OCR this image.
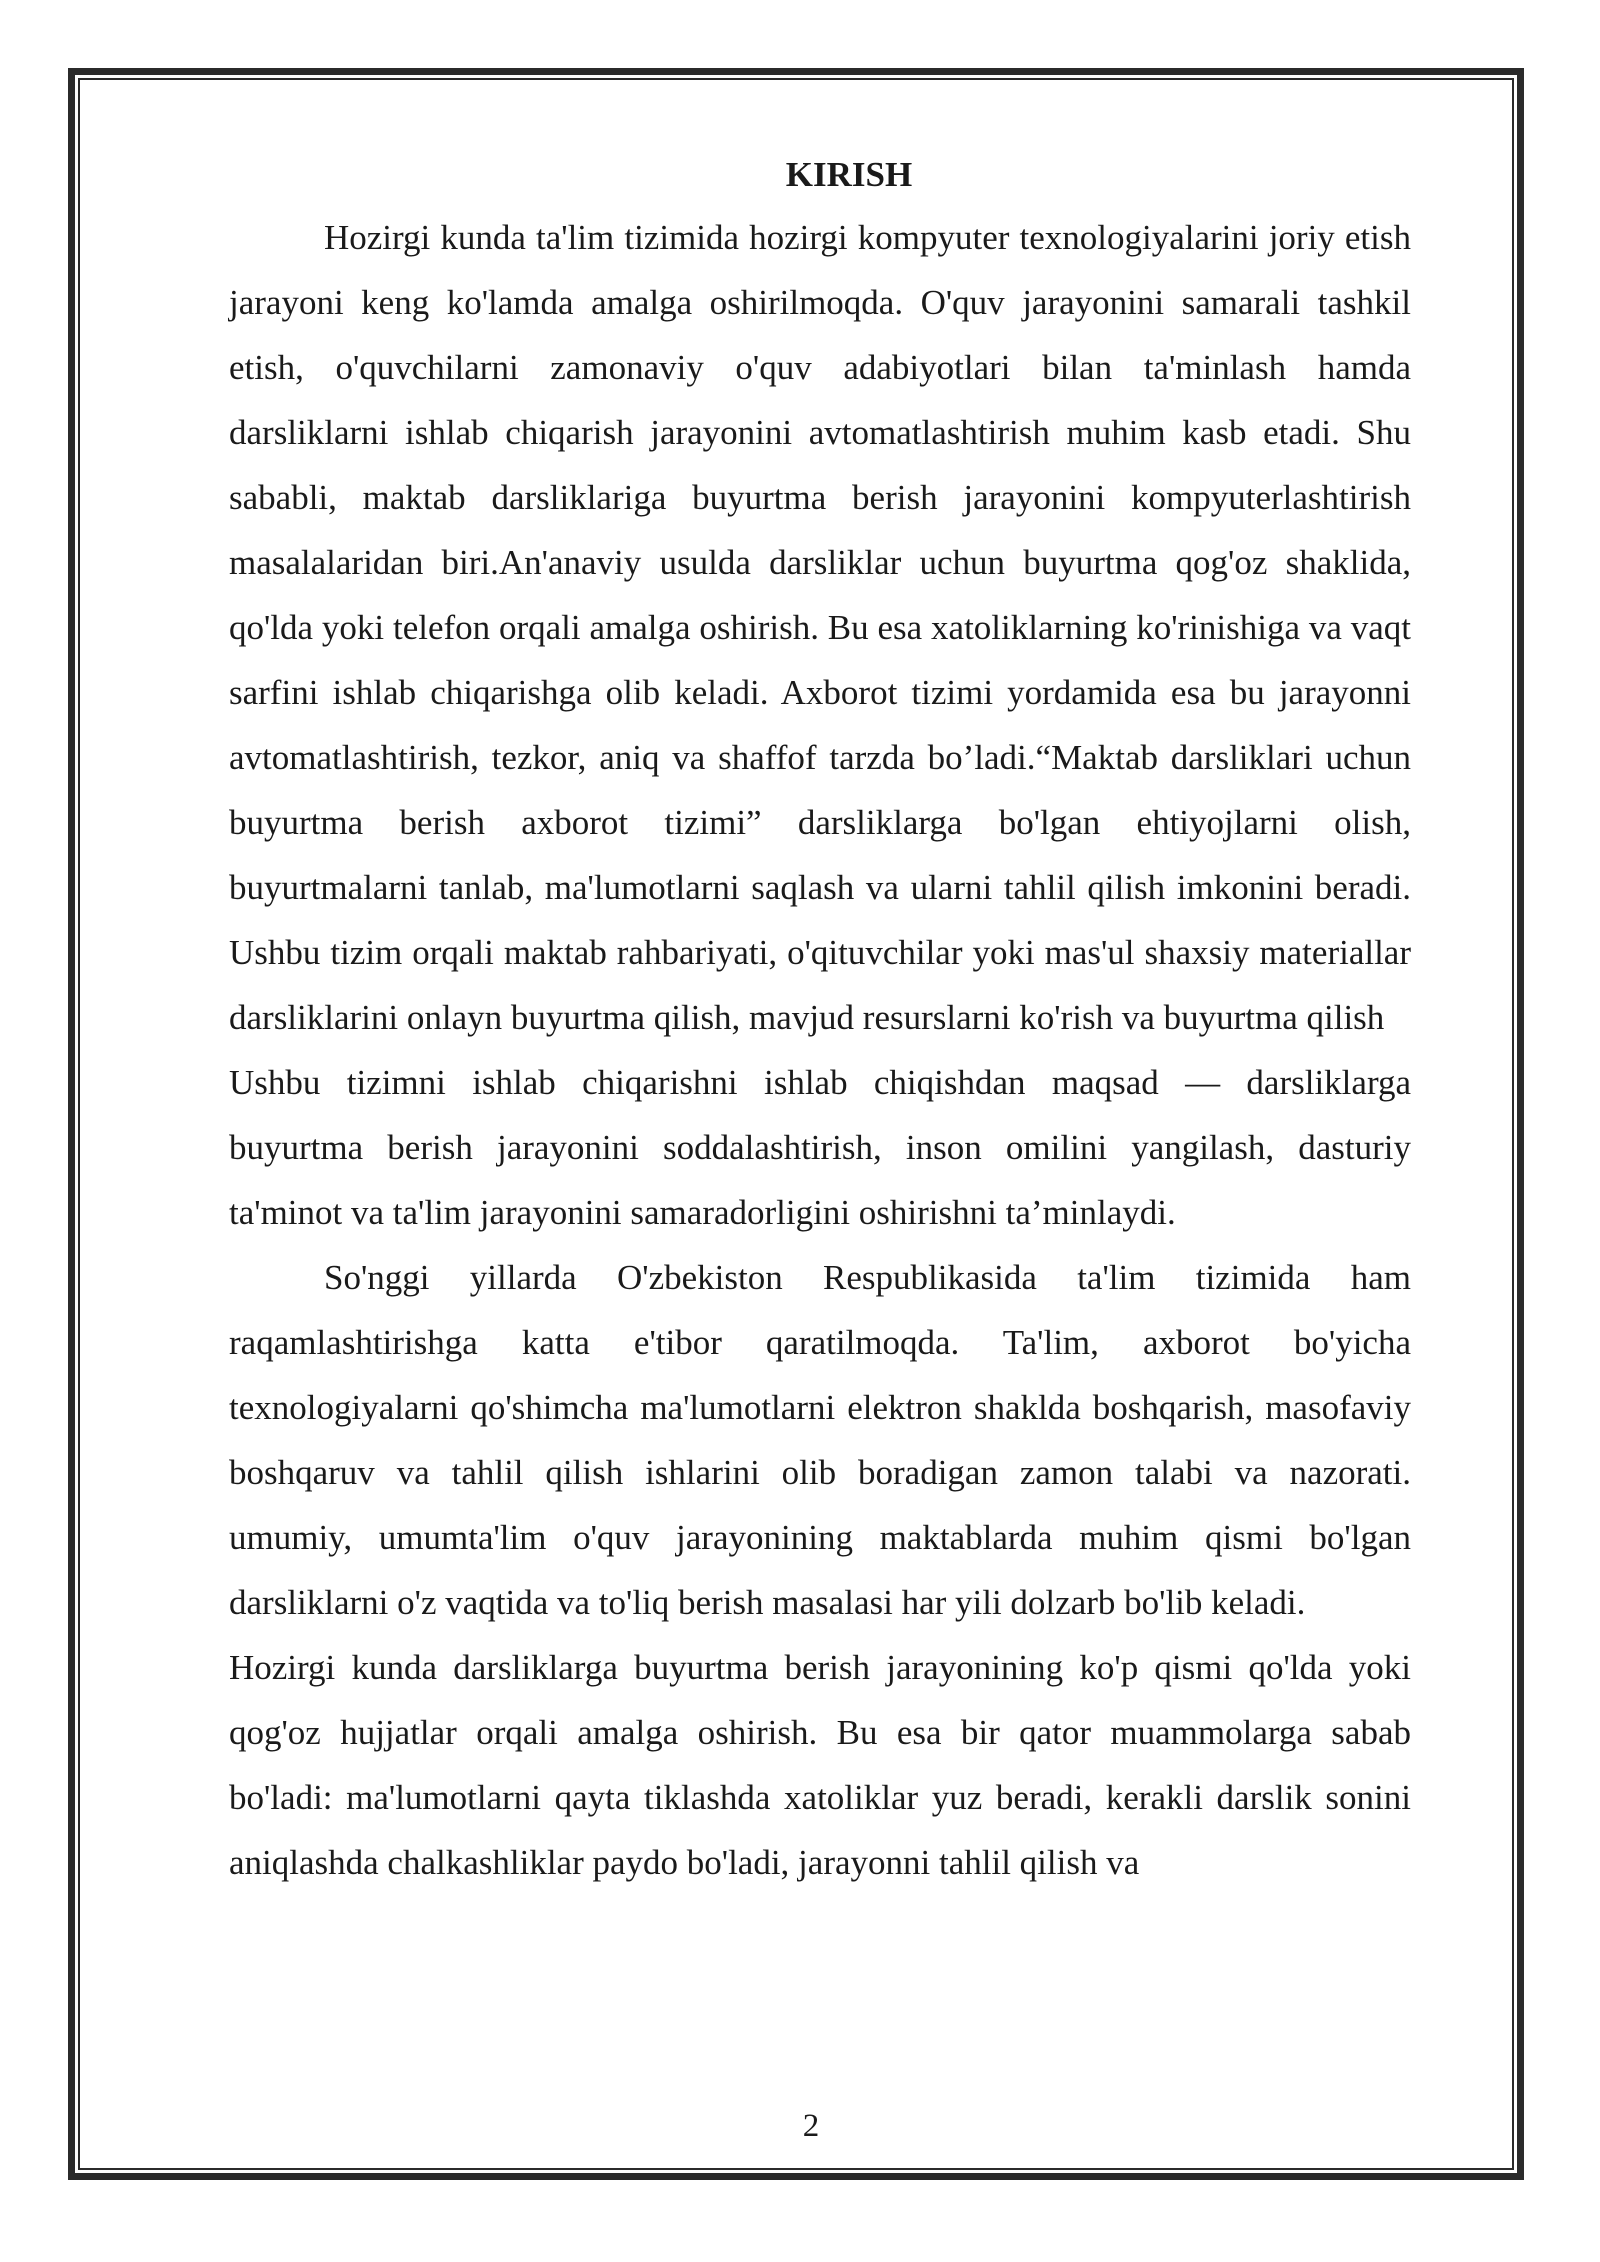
KIRISH

Hozirgi kunda ta'lim tizimida hozirgi kompyuter texnologiyalarini joriy etish jarayoni keng ko'lamda amalga oshirilmoqda. O'quv jarayonini samarali tashkil etish, o'quvchilarni zamonaviy o'quv adabiyotlari bilan ta'minlash hamda darsliklarni ishlab chiqarish jarayonini avtomatlashtirish muhim kasb etadi. Shu sababli, maktab darsliklariga buyurtma berish jarayonini kompyuterlashtirish masalalaridan biri.An'anaviy usulda darsliklar uchun buyurtma qog'oz shaklida, qo'lda yoki telefon orqali amalga oshirish. Bu esa xatoliklarning ko'rinishiga va vaqt sarfini ishlab chiqarishga olib keladi. Axborot tizimi yordamida esa bu jarayonni avtomatlashtirish, tezkor, aniq va shaffof tarzda bo’ladi.“Maktab darsliklari uchun buyurtma berish axborot tizimi” darsliklarga bo'lgan ehtiyojlarni olish, buyurtmalarni tanlab, ma'lumotlarni saqlash va ularni tahlil qilish imkonini beradi. Ushbu tizim orqali maktab rahbariyati, o'qituvchilar yoki mas'ul shaxsiy materiallar darsliklarini onlayn buyurtma qilish, mavjud resurslarni ko'rish va buyurtma qilish

Ushbu tizimni ishlab chiqarishni ishlab chiqishdan maqsad — darsliklarga buyurtma berish jarayonini soddalashtirish, inson omilini yangilash, dasturiy ta'minot va ta'lim jarayonini samaradorligini oshirishni ta’minlaydi.

So'nggi yillarda O'zbekiston Respublikasida ta'lim tizimida ham raqamlashtirishga katta e'tibor qaratilmoqda. Ta'lim, axborot bo'yicha texnologiyalarni qo'shimcha ma'lumotlarni elektron shaklda boshqarish, masofaviy boshqaruv va tahlil qilish ishlarini olib boradigan zamon talabi va nazorati. umumiy, umumta'lim o'quv jarayonining maktablarda muhim qismi bo'lgan darsliklarni o'z vaqtida va to'liq berish masalasi har yili dolzarb bo'lib keladi.

Hozirgi kunda darsliklarga buyurtma berish jarayonining ko'p qismi qo'lda yoki qog'oz hujjatlar orqali amalga oshirish. Bu esa bir qator muammolarga sabab bo'ladi: ma'lumotlarni qayta tiklashda xatoliklar yuz beradi, kerakli darslik sonini aniqlashda chalkashliklar paydo bo'ladi, jarayonni tahlil qilish va

2
